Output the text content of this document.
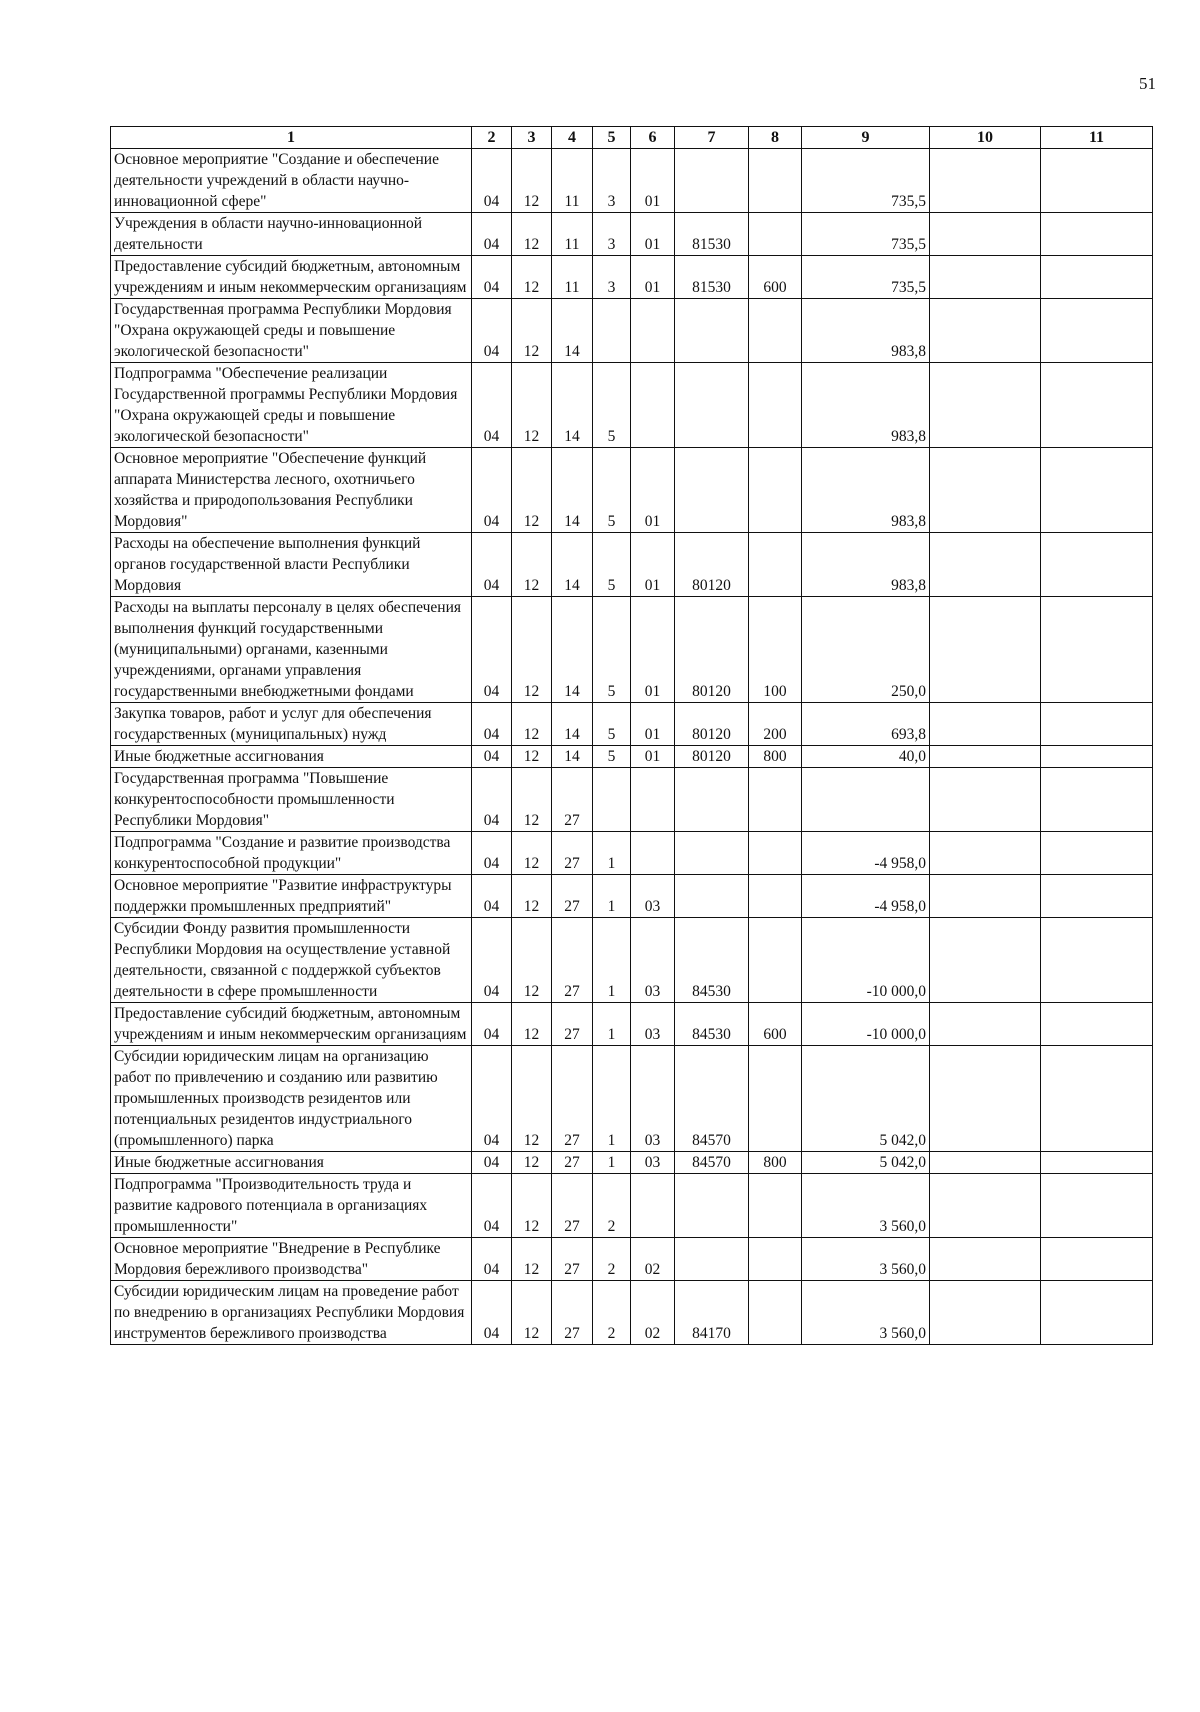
51
1	2	3	4	5	6	7	8	9	10	11
Основное мероприятие "Создание и обеспечение деятельности учреждений в области научно-инновационной сфере"	04	12	11	3	01			735,5		
Учреждения в области научно-инновационной деятельности	04	12	11	3	01	81530		735,5		
Предоставление субсидий бюджетным, автономным учреждениям и иным некоммерческим организациям	04	12	11	3	01	81530	600	735,5		
Государственная программа Республики Мордовия "Охрана окружающей среды и повышение экологической безопасности"	04	12	14					983,8		
Подпрограмма "Обеспечение реализации Государственной программы Республики Мордовия "Охрана окружающей среды и повышение экологической безопасности"	04	12	14	5				983,8		
Основное мероприятие "Обеспечение функций аппарата Министерства лесного, охотничьего хозяйства и природопользования Республики Мордовия"	04	12	14	5	01			983,8		
Расходы на обеспечение выполнения функций органов государственной власти Республики Мордовия	04	12	14	5	01	80120		983,8		
Расходы на выплаты персоналу в целях обеспечения выполнения функций государственными (муниципальными) органами, казенными учреждениями, органами управления государственными внебюджетными фондами	04	12	14	5	01	80120	100	250,0		
Закупка товаров, работ и услуг для обеспечения государственных (муниципальных) нужд	04	12	14	5	01	80120	200	693,8		
Иные бюджетные ассигнования	04	12	14	5	01	80120	800	40,0		
Государственная программа "Повышение конкурентоспособности промышленности Республики Мордовия"	04	12	27							
Подпрограмма "Создание и развитие производства конкурентоспособной продукции"	04	12	27	1				-4 958,0		
Основное мероприятие "Развитие инфраструктуры поддержки промышленных предприятий"	04	12	27	1	03			-4 958,0		
Субсидии Фонду развития промышленности Республики Мордовия на осуществление уставной деятельности, связанной с поддержкой субъектов деятельности в сфере промышленности	04	12	27	1	03	84530		-10 000,0		
Предоставление субсидий бюджетным, автономным учреждениям и иным некоммерческим организациям	04	12	27	1	03	84530	600	-10 000,0		
Субсидии юридическим лицам на организацию работ по привлечению и созданию или развитию промышленных производств резидентов или потенциальных резидентов индустриального (промышленного) парка	04	12	27	1	03	84570		5 042,0		
Иные бюджетные ассигнования	04	12	27	1	03	84570	800	5 042,0		
Подпрограмма "Производительность труда и развитие кадрового потенциала в организациях промышленности"	04	12	27	2				3 560,0		
Основное мероприятие "Внедрение в Республике Мордовия бережливого производства"	04	12	27	2	02			3 560,0		
Субсидии юридическим лицам на проведение работ по внедрению в организациях Республики Мордовия инструментов бережливого производства	04	12	27	2	02	84170		3 560,0		
